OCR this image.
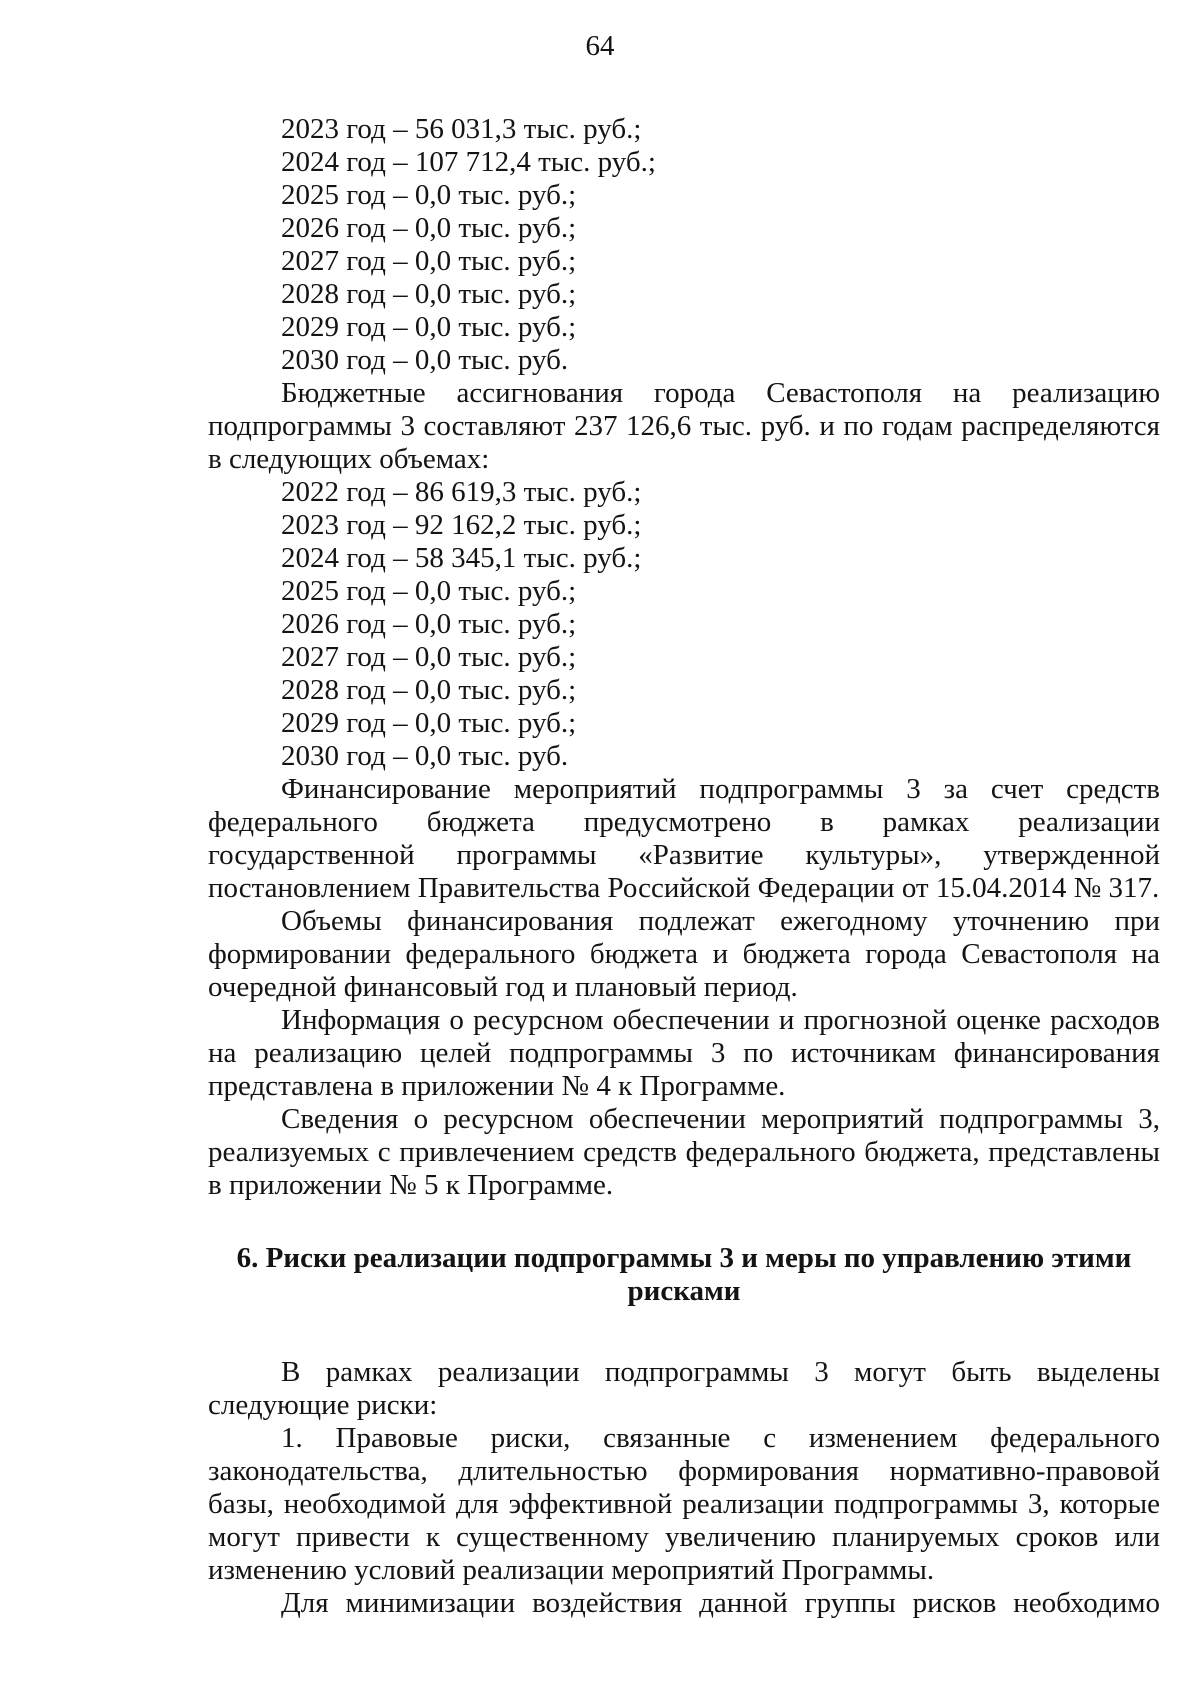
64
2023 год – 56 031,3 тыс. руб.;
2024 год – 107 712,4 тыс. руб.;
2025 год – 0,0 тыс. руб.;
2026 год – 0,0 тыс. руб.;
2027 год – 0,0 тыс. руб.;
2028 год – 0,0 тыс. руб.;
2029 год – 0,0 тыс. руб.;
2030 год – 0,0 тыс. руб.

Бюджетные ассигнования города Севастополя на реализацию подпрограммы 3 составляют 237 126,6 тыс. руб. и по годам распределяются в следующих объемах:

2022 год – 86 619,3 тыс. руб.;
2023 год – 92 162,2 тыс. руб.;
2024 год – 58 345,1 тыс. руб.;
2025 год – 0,0 тыс. руб.;
2026 год – 0,0 тыс. руб.;
2027 год – 0,0 тыс. руб.;
2028 год – 0,0 тыс. руб.;
2029 год – 0,0 тыс. руб.;
2030 год – 0,0 тыс. руб.

Финансирование мероприятий подпрограммы 3 за счет средств федерального бюджета предусмотрено в рамках реализации государственной программы «Развитие культуры», утвержденной постановлением Правительства Российской Федерации от 15.04.2014 № 317.

Объемы финансирования подлежат ежегодному уточнению при формировании федерального бюджета и бюджета города Севастополя на очередной финансовый год и плановый период.

Информация о ресурсном обеспечении и прогнозной оценке расходов на реализацию целей подпрограммы 3 по источникам финансирования представлена в приложении № 4 к Программе.

Сведения о ресурсном обеспечении мероприятий подпрограммы 3, реализуемых с привлечением средств федерального бюджета, представлены в приложении № 5 к Программе.

6. Риски реализации подпрограммы 3 и меры по управлению этими
рисками

В рамках реализации подпрограммы 3 могут быть выделены следующие риски:

1. Правовые риски, связанные с изменением федерального законодательства, длительностью формирования нормативно-правовой базы, необходимой для эффективной реализации подпрограммы 3, которые могут привести к существенному увеличению планируемых сроков или изменению условий реализации мероприятий Программы.

Для минимизации воздействия данной группы рисков необходимо
